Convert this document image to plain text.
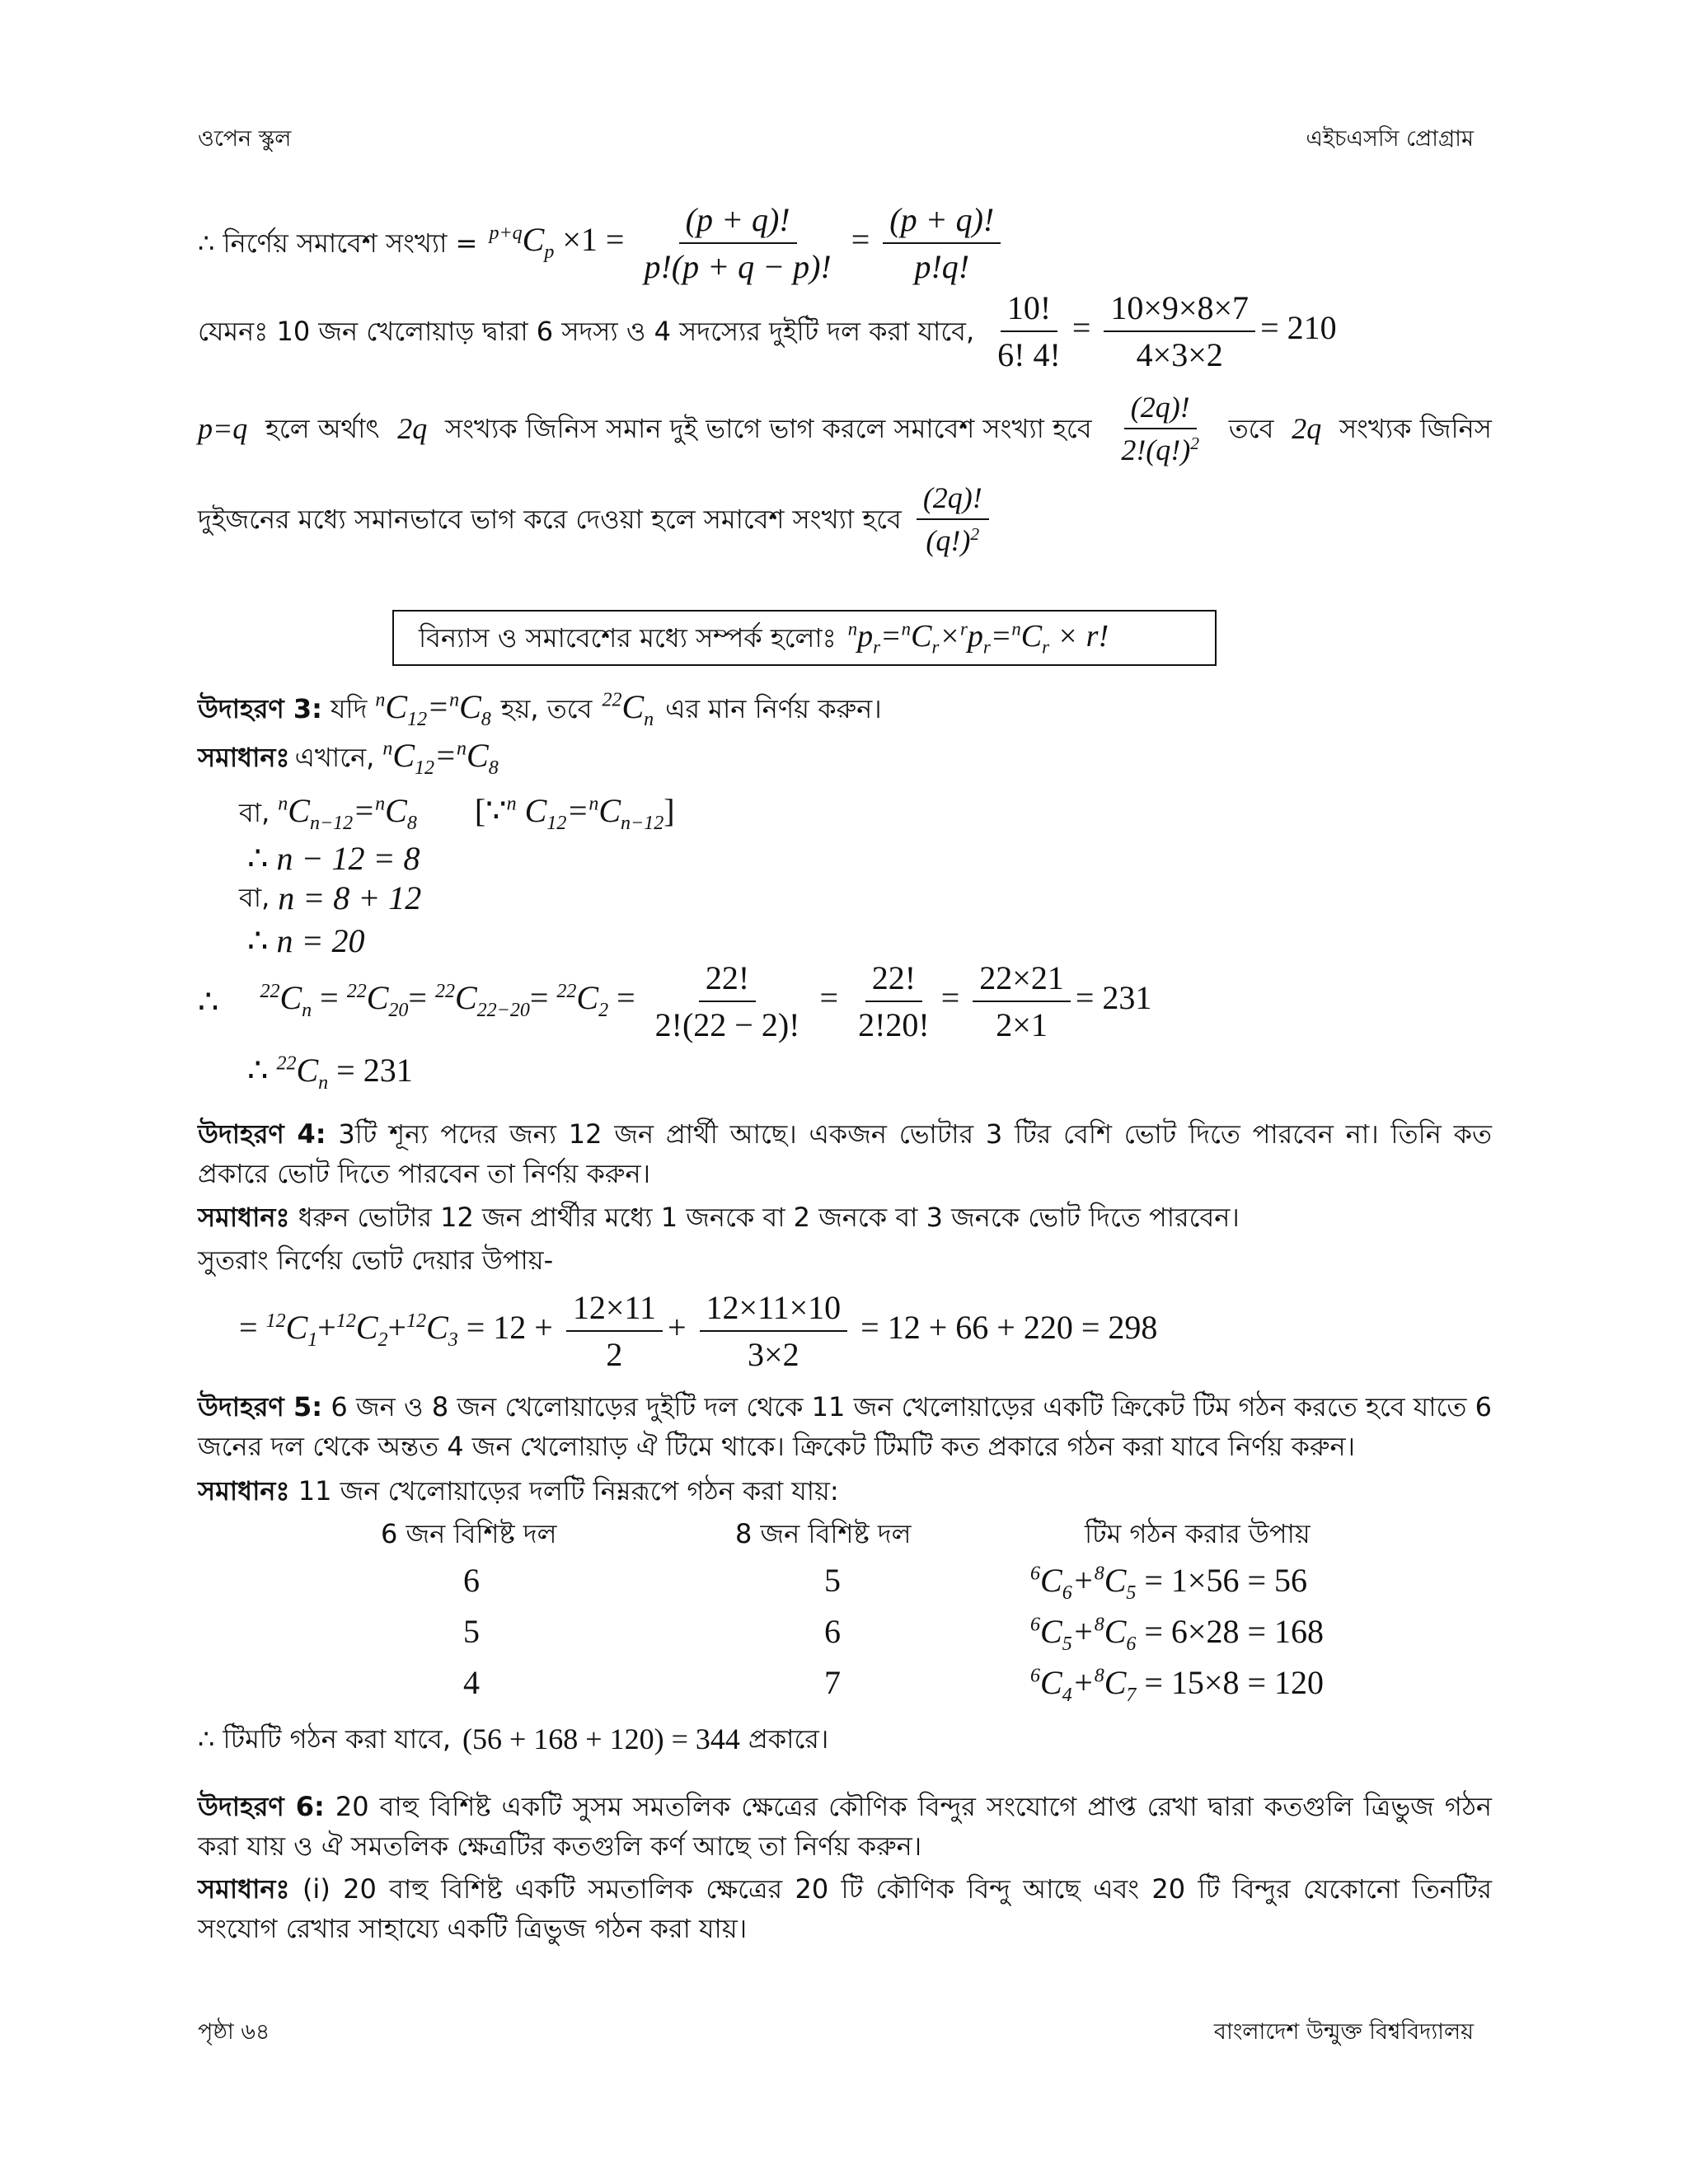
ওপেন স্কুল	এইচএসসি প্রোগ্রাম
∴ নির্ণেয় সমাবেশ সংখ্যা = $^{p+q}C_p \times 1 = \frac{(p + q)!}{p!(p + q - p)!} = \frac{(p + q)!}{p!q!}$
যেমনঃ 10 জন খেলোয়াড় দ্বারা 6 সদস্য ও 4 সদস্যের দুইটি দল করা যাবে, $\frac{10!}{6! 4!} = \frac{10\times 9\times 8\times 7}{4\times 3\times 2} = 210$
p=q হলে অর্থাৎ 2q সংখ্যক জিনিস সমান দুই ভাগে ভাগ করলে সমাবেশ সংখ্যা হবে $\frac{(2q)!}{2!(q!)^2}$ তবে 2q সংখ্যক জিনিস
দুইজনের মধ্যে সমানভাবে ভাগ করে দেওয়া হলে সমাবেশ সংখ্যা হবে $\frac{(2q)!}{(q!)^2}$
বিন্যাস ও সমাবেশের মধ্যে সম্পর্ক হলোঃ $^np_r=^nC_r\times^rp_r=^nC_r \times r$!
উদাহরণ 3: যদি $^nC_{12}=^nC_8$ হয়, তবে $^{22}C_n$ এর মান নির্ণয় করুন।
সমাধানঃ এখানে, $^nC_{12}=^nC_8$
বা, $^nC_{n-12}=^nC_8$ [∵$^n$ $C_{12}=^nC_{n-12}$]
∴ n − 12 = 8
বা, n = 8 + 12
∴ n = 20
∴ $^{22}C_n = ^{22}C_{20}= ^{22}C_{22-20}= ^{22}C_2 = \frac{22!}{2!(22 - 2)!} = \frac{22!}{2!20!} = \frac{22\times 21}{2\times 1} = 231$
∴ $^{22}C_n = 231$
উদাহরণ 4: 3টি শূন্য পদের জন্য 12 জন প্রার্থী আছে। একজন ভোটার 3 টির বেশি ভোট দিতে পারবেন না। তিনি কত প্রকারে ভোট দিতে পারবেন তা নির্ণয় করুন।
সমাধানঃ ধরুন ভোটার 12 জন প্রার্থীর মধ্যে 1 জনকে বা 2 জনকে বা 3 জনকে ভোট দিতে পারবেন।
সুতরাং নির্ণেয় ভোট দেয়ার উপায়-
= $^{12}C_1+^{12}C_2+^{12}C_3 = 12 + \frac{12\times 11}{2} + \frac{12\times 11\times 10}{3\times 2} = 12 + 66 + 220 = 298$
উদাহরণ 5: 6 জন ও 8 জন খেলোয়াড়ের দুইটি দল থেকে 11 জন খেলোয়াড়ের একটি ক্রিকেট টিম গঠন করতে হবে যাতে 6 জনের দল থেকে অন্তত 4 জন খেলোয়াড় ঐ টিমে থাকে। ক্রিকেট টিমটি কত প্রকারে গঠন করা যাবে নির্ণয় করুন।
সমাধানঃ 11 জন খেলোয়াড়ের দলটি নিম্নরূপে গঠন করা যায়:
6 জন বিশিষ্ট দল	8 জন বিশিষ্ট দল	টিম গঠন করার উপায়
6	5	$^6C_6+^8C_5 = 1\times 56 = 56$
5	6	$^6C_5+^8C_6 = 6\times 28 = 168$
4	7	$^6C_4+^8C_7 = 15\times 8 = 120$
∴ টিমটি গঠন করা যাবে, (56 + 168 + 120) = 344 প্রকারে।
উদাহরণ 6: 20 বাহু বিশিষ্ট একটি সুসম সমতলিক ক্ষেত্রের কৌণিক বিন্দুর সংযোগে প্রাপ্ত রেখা দ্বারা কতগুলি ত্রিভুজ গঠন করা যায় ও ঐ সমতলিক ক্ষেত্রটির কতগুলি কর্ণ আছে তা নির্ণয় করুন।
সমাধানঃ (i) 20 বাহু বিশিষ্ট একটি সমতালিক ক্ষেত্রের 20 টি কৌণিক বিন্দু আছে এবং 20 টি বিন্দুর যেকোনো তিনটির সংযোগ রেখার সাহায্যে একটি ত্রিভুজ গঠন করা যায়।
পৃষ্ঠা ৬৪	বাংলাদেশ উন্মুক্ত বিশ্ববিদ্যালয়
